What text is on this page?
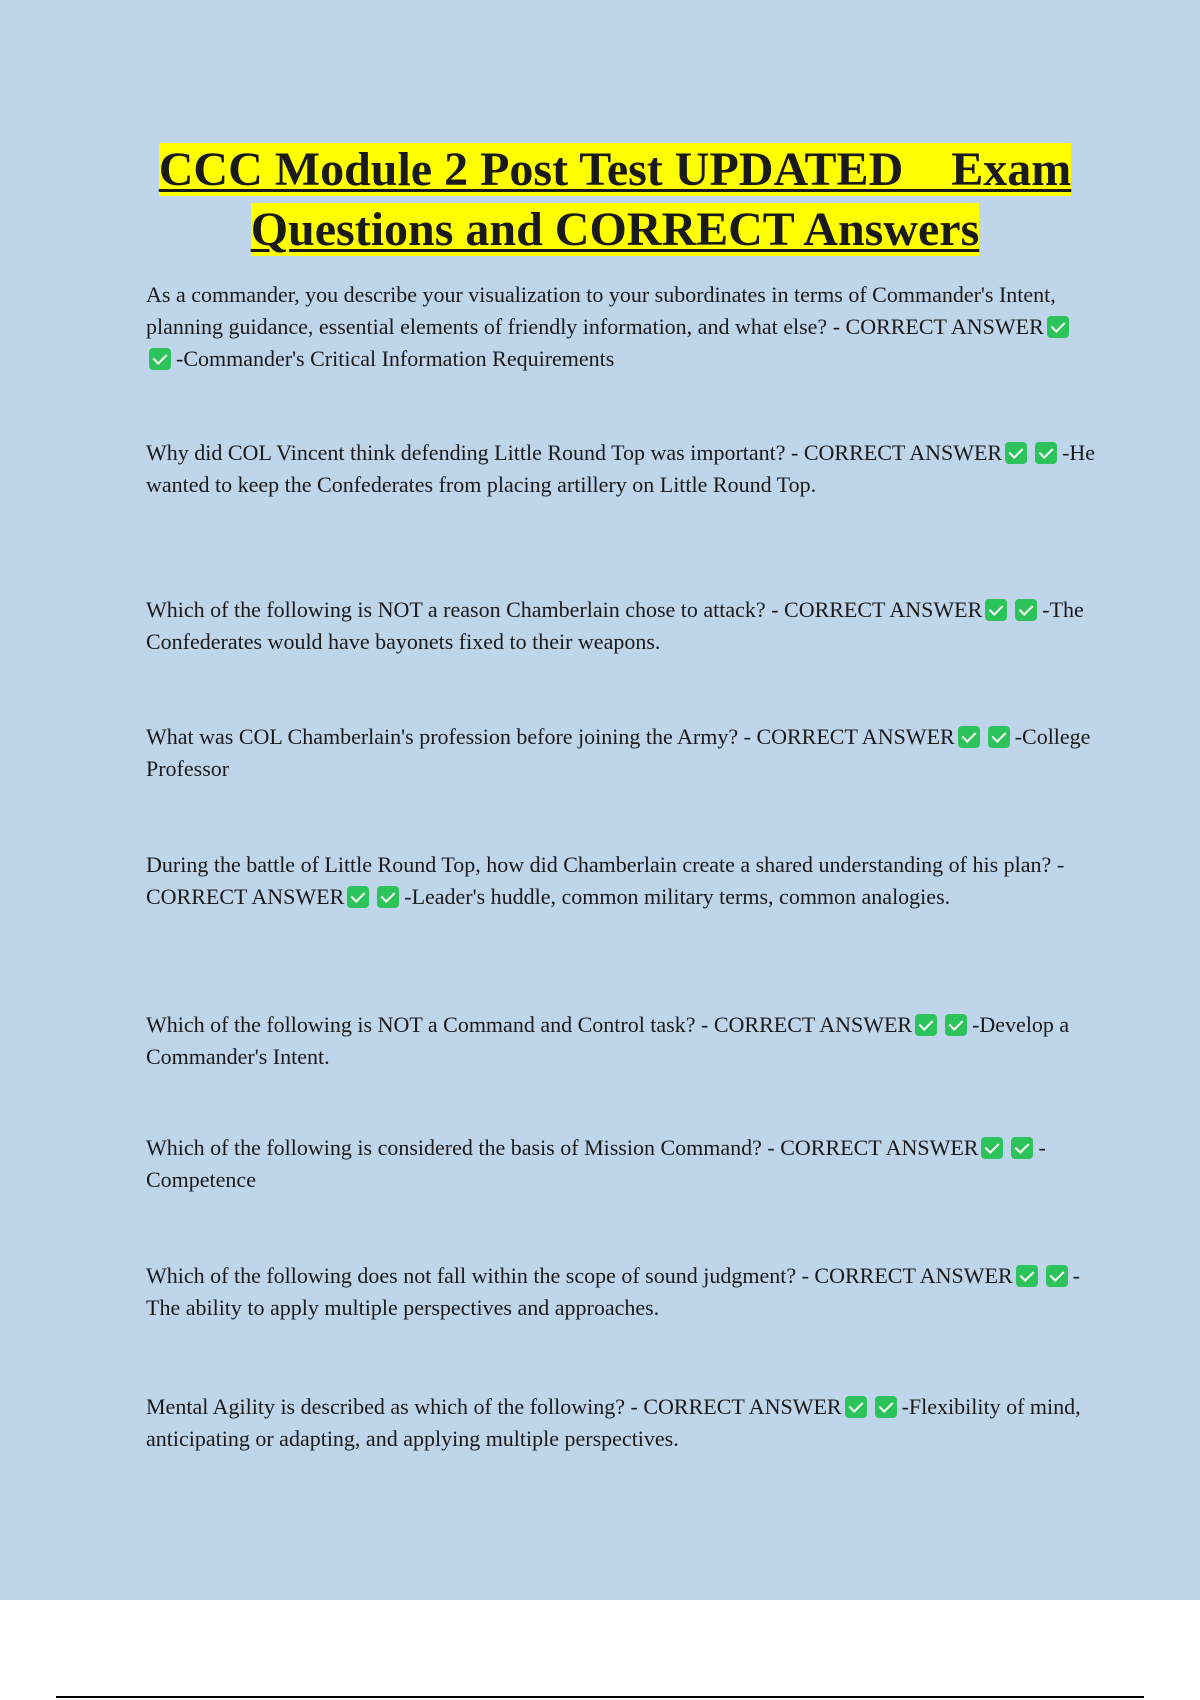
CCC Module 2 Post Test UPDATED    Exam
Questions and CORRECT Answers

As a commander, you describe your visualization to your subordinates in terms of Commander's Intent, planning guidance, essential elements of friendly information, and what else? - CORRECT ANSWER-Commander's Critical Information Requirements

Why did COL Vincent think defending Little Round Top was important? - CORRECT ANSWER	-He wanted to keep the Confederates from placing artillery on Little Round Top.

Which of the following is NOT a reason Chamberlain chose to attack? - CORRECT ANSWER	-The Confederates would have bayonets fixed to their weapons.

What was COL Chamberlain's profession before joining the Army? - CORRECT ANSWER	-College Professor

During the battle of Little Round Top, how did Chamberlain create a shared understanding of his plan? - CORRECT ANSWER	-Leader's huddle, common military terms, common analogies.

Which of the following is NOT a Command and Control task? - CORRECT ANSWER	-Develop a Commander's Intent.

Which of the following is considered the basis of Mission Command? - CORRECT ANSWER	-Competence

Which of the following does not fall within the scope of sound judgment? - CORRECT ANSWER	-The ability to apply multiple perspectives and approaches.

Mental Agility is described as which of the following? - CORRECT ANSWER	-Flexibility of mind, anticipating or adapting, and applying multiple perspectives.
